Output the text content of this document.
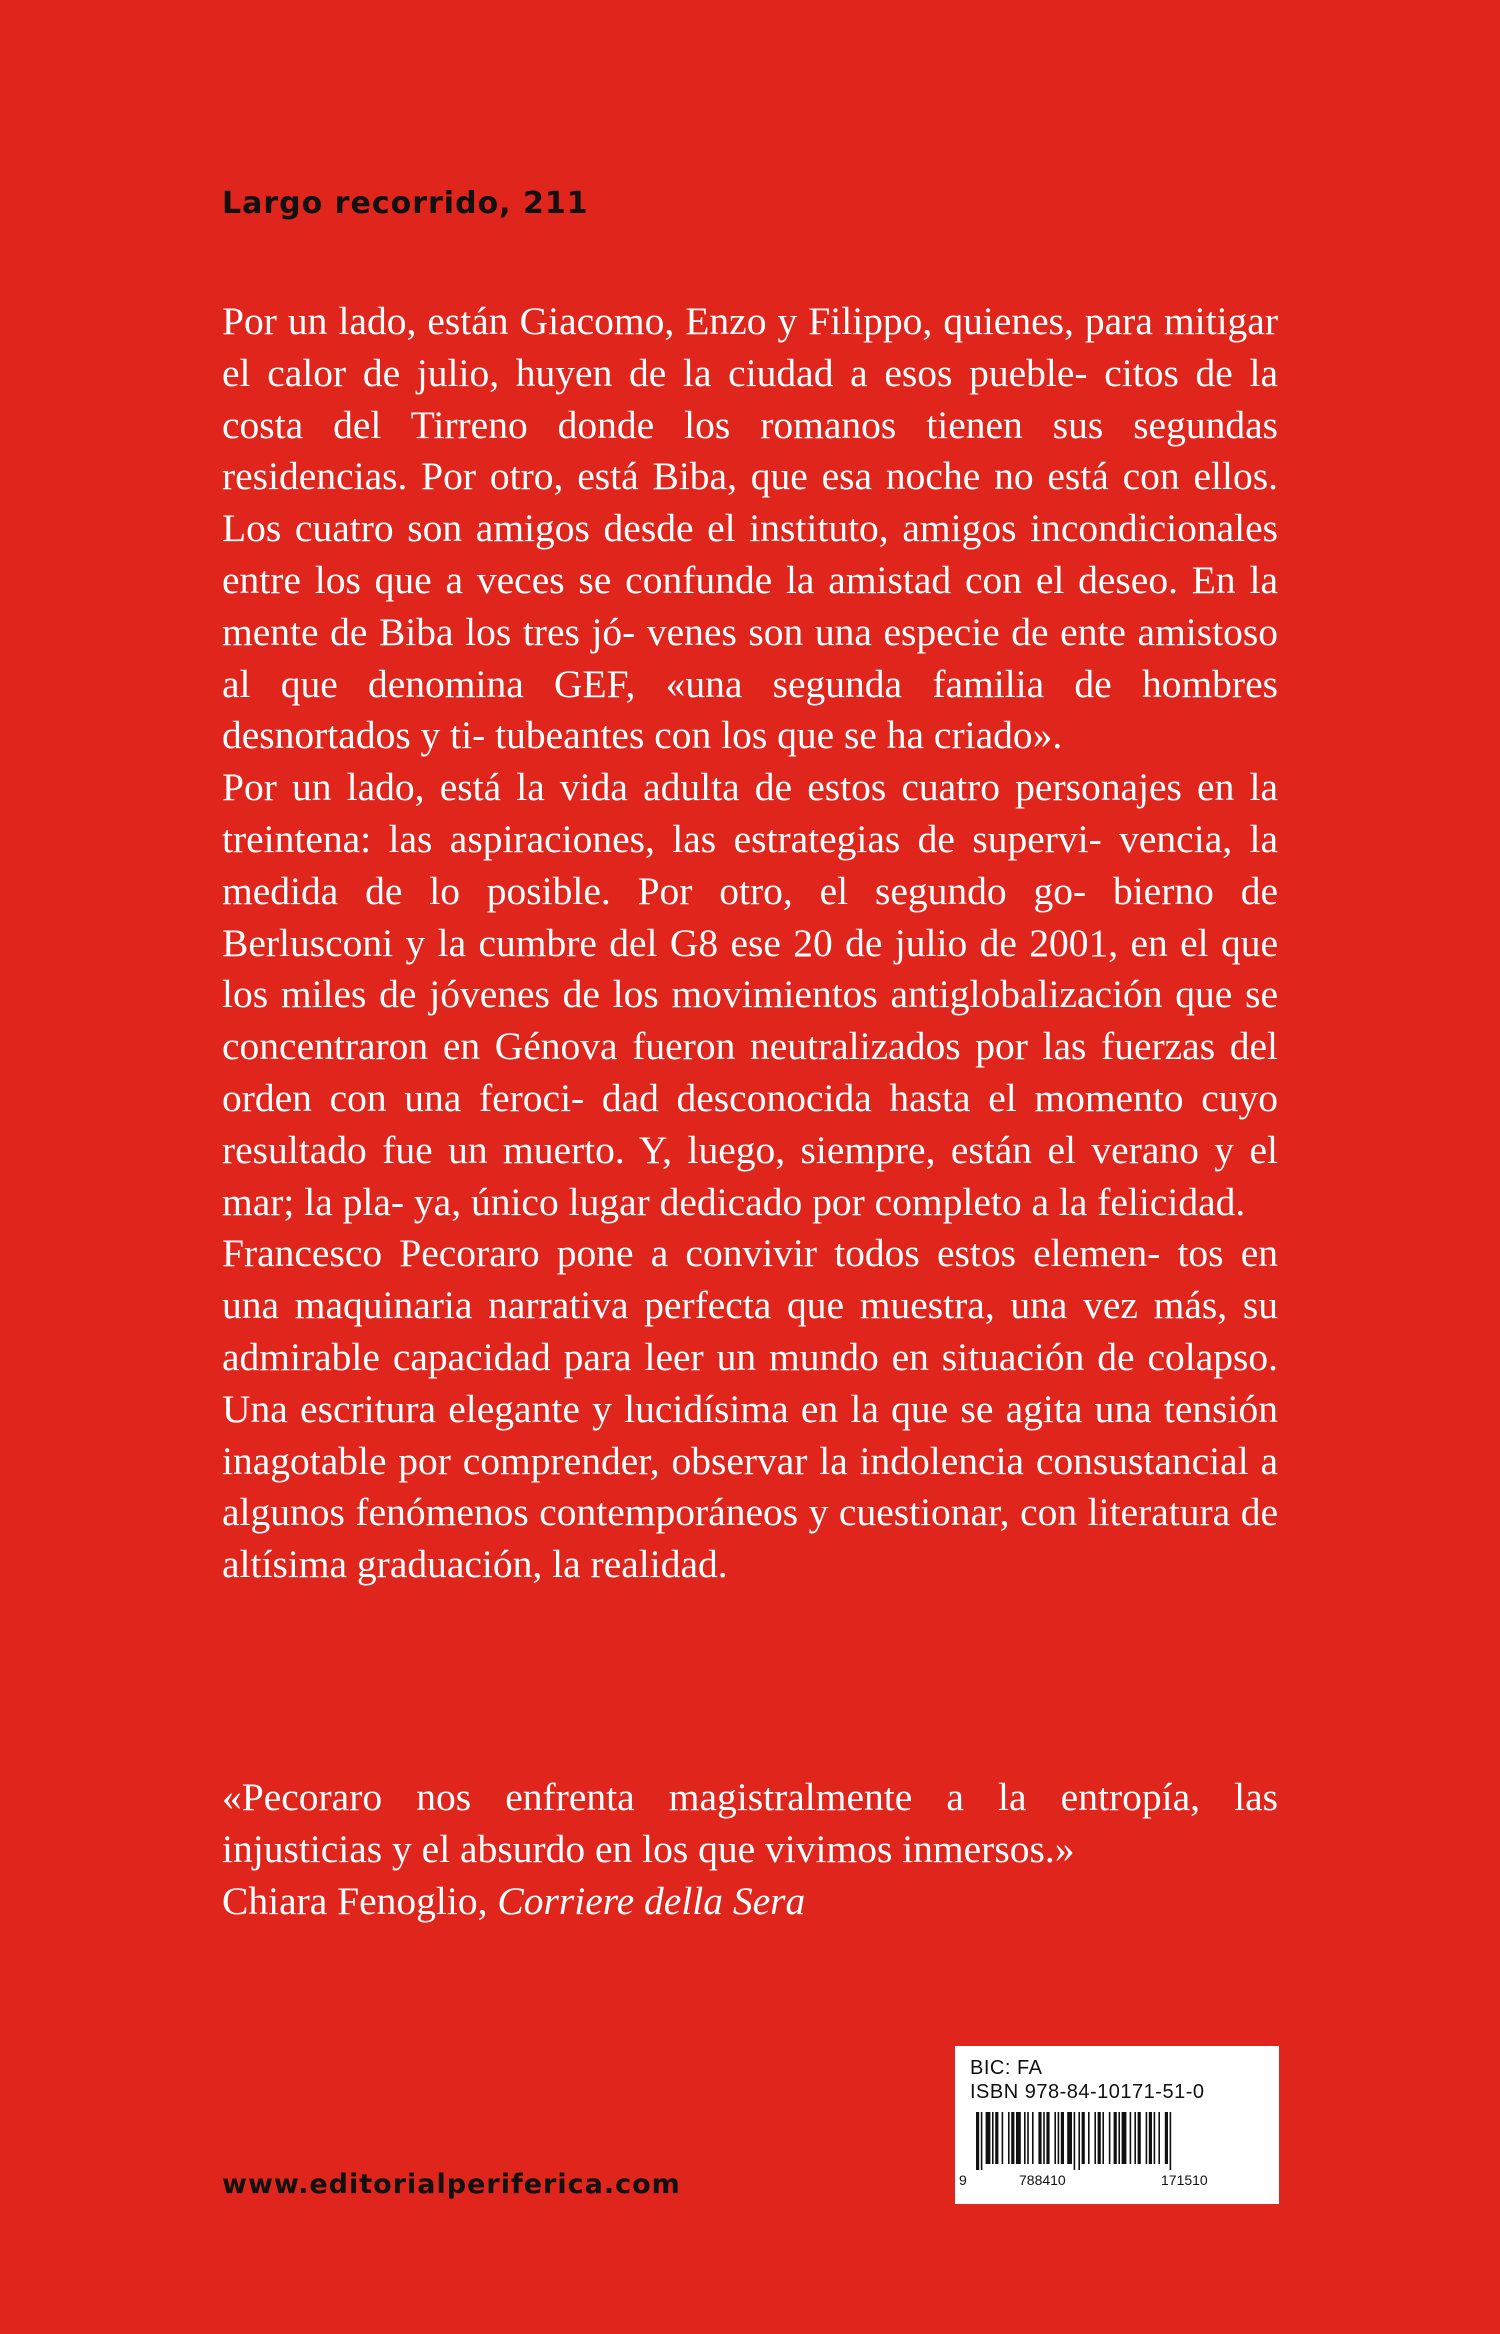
Largo recorrido, 211

Por un lado, están Giacomo, Enzo y Filippo, quienes, para mitigar el calor de julio, huyen de la ciudad a esos pueble- citos de la costa del Tirreno donde los romanos tienen sus segundas residencias. Por otro, está Biba, que esa noche no está con ellos. Los cuatro son amigos desde el instituto, amigos incondicionales entre los que a veces se confunde la amistad con el deseo. En la mente de Biba los tres jó- venes son una especie de ente amistoso al que denomina GEF, «una segunda familia de hombres desnortados y ti- tubeantes con los que se ha criado».

Por un lado, está la vida adulta de estos cuatro personajes en la treintena: las aspiraciones, las estrategias de supervi- vencia, la medida de lo posible. Por otro, el segundo go- bierno de Berlusconi y la cumbre del G8 ese 20 de julio de 2001, en el que los miles de jóvenes de los movimientos antiglobalización que se concentraron en Génova fueron neutralizados por las fuerzas del orden con una feroci- dad desconocida hasta el momento cuyo resultado fue un muerto. Y, luego, siempre, están el verano y el mar; la pla- ya, único lugar dedicado por completo a la felicidad.

Francesco Pecoraro pone a convivir todos estos elemen- tos en una maquinaria narrativa perfecta que muestra, una vez más, su admirable capacidad para leer un mundo en situación de colapso. Una escritura elegante y lucidísima en la que se agita una tensión inagotable por comprender, observar la indolencia consustancial a algunos fenómenos contemporáneos y cuestionar, con literatura de altísima graduación, la realidad.

«Pecoraro nos enfrenta magistralmente a la entropía, las injusticias y el absurdo en los que vivimos inmersos.»

Chiara Fenoglio, Corriere della Sera

www.editorialperiferica.com
BIC: FA
ISBN 978-84-10171-51-0
9	788410	171510
